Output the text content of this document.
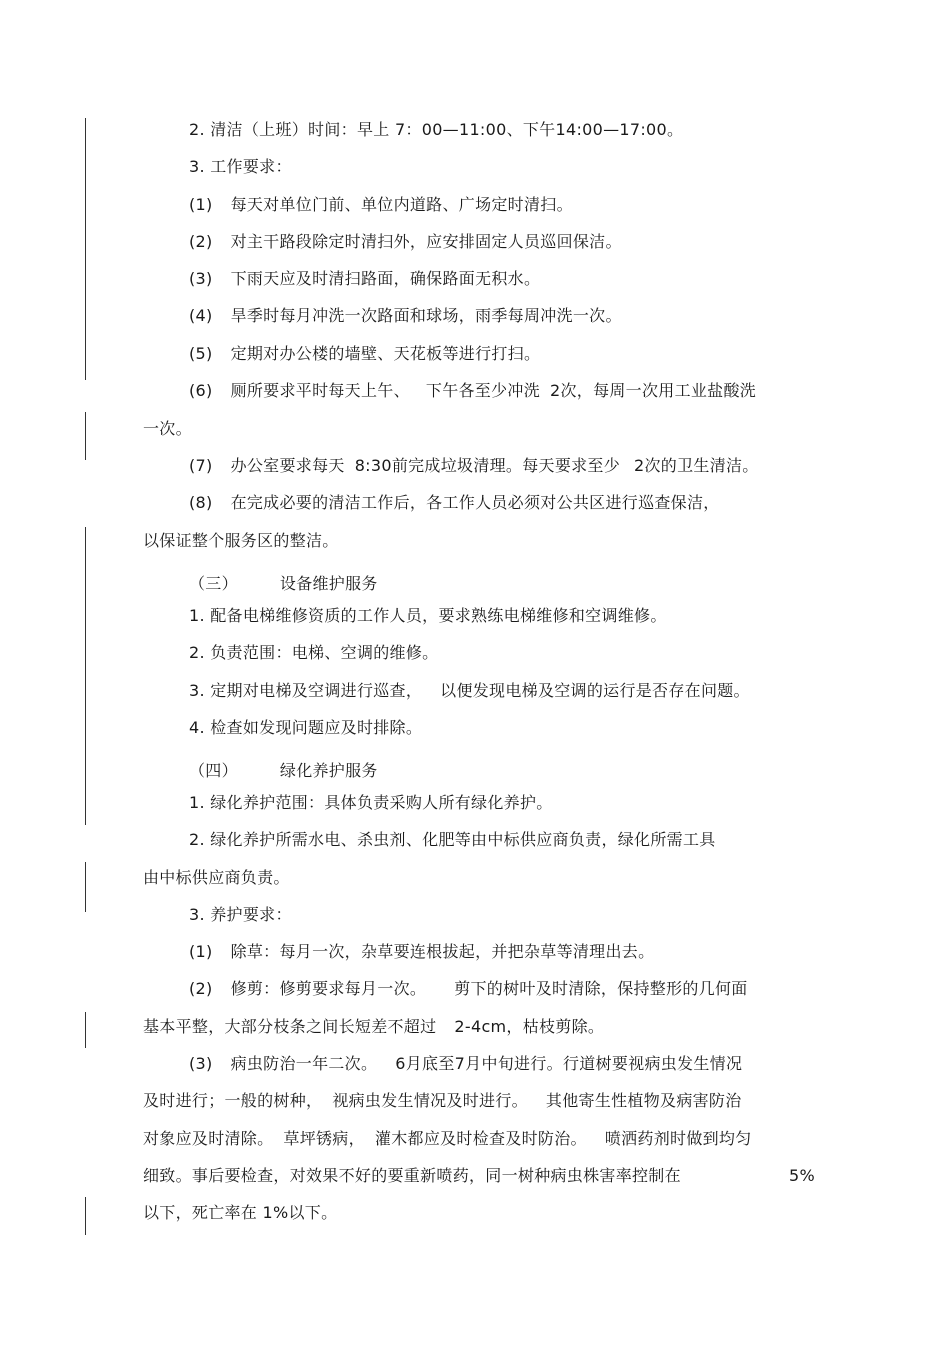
2. 清洁（上班）时间：早上 7：00—11:00、下午14:00—17:00。
3. 工作要求：
(1) 每天对单位门前、单位内道路、广场定时清扫。
(2) 对主干路段除定时清扫外，应安排固定人员巡回保洁。
(3) 下雨天应及时清扫路面，确保路面无积水。
(4) 旱季时每月冲洗一次路面和球场，雨季每周冲洗一次。
(5) 定期对办公楼的墙壁、天花板等进行打扫。
(6) 厕所要求平时每天上午、 下午各至少冲洗 2次，每周一次用工业盐酸洗
一次。
(7) 办公室要求每天 8:30前完成垃圾清理。每天要求至少 2次的卫生清洁。
(8) 在完成必要的清洁工作后，各工作人员必须对公共区进行巡查保洁，
以保证整个服务区的整洁。
（三）	设备维护服务
1. 配备电梯维修资质的工作人员，要求熟练电梯维修和空调维修。
2. 负责范围：电梯、空调的维修。
3. 定期对电梯及空调进行巡查， 以便发现电梯及空调的运行是否存在问题。
4. 检查如发现问题应及时排除。
（四）	绿化养护服务
1. 绿化养护范围：具体负责采购人所有绿化养护。
2. 绿化养护所需水电、杀虫剂、化肥等由中标供应商负责，绿化所需工具
由中标供应商负责。
3. 养护要求：
(1) 除草：每月一次，杂草要连根拔起，并把杂草等清理出去。
(2) 修剪：修剪要求每月一次。 剪下的树叶及时清除，保持整形的几何面
基本平整，大部分枝条之间长短差不超过 2-4cm，枯枝剪除。
(3) 病虫防治一年二次。 6月底至7月中旬进行。行道树要视病虫发生情况
及时进行；一般的树种， 视病虫发生情况及时进行。 其他寄生性植物及病害防治
对象应及时清除。 草坪锈病， 灌木都应及时检查及时防治。 喷洒药剂时做到均匀
细致。事后要检查，对效果不好的要重新喷药，同一树种病虫株害率控制在	5%
以下，死亡率在 1%以下。
